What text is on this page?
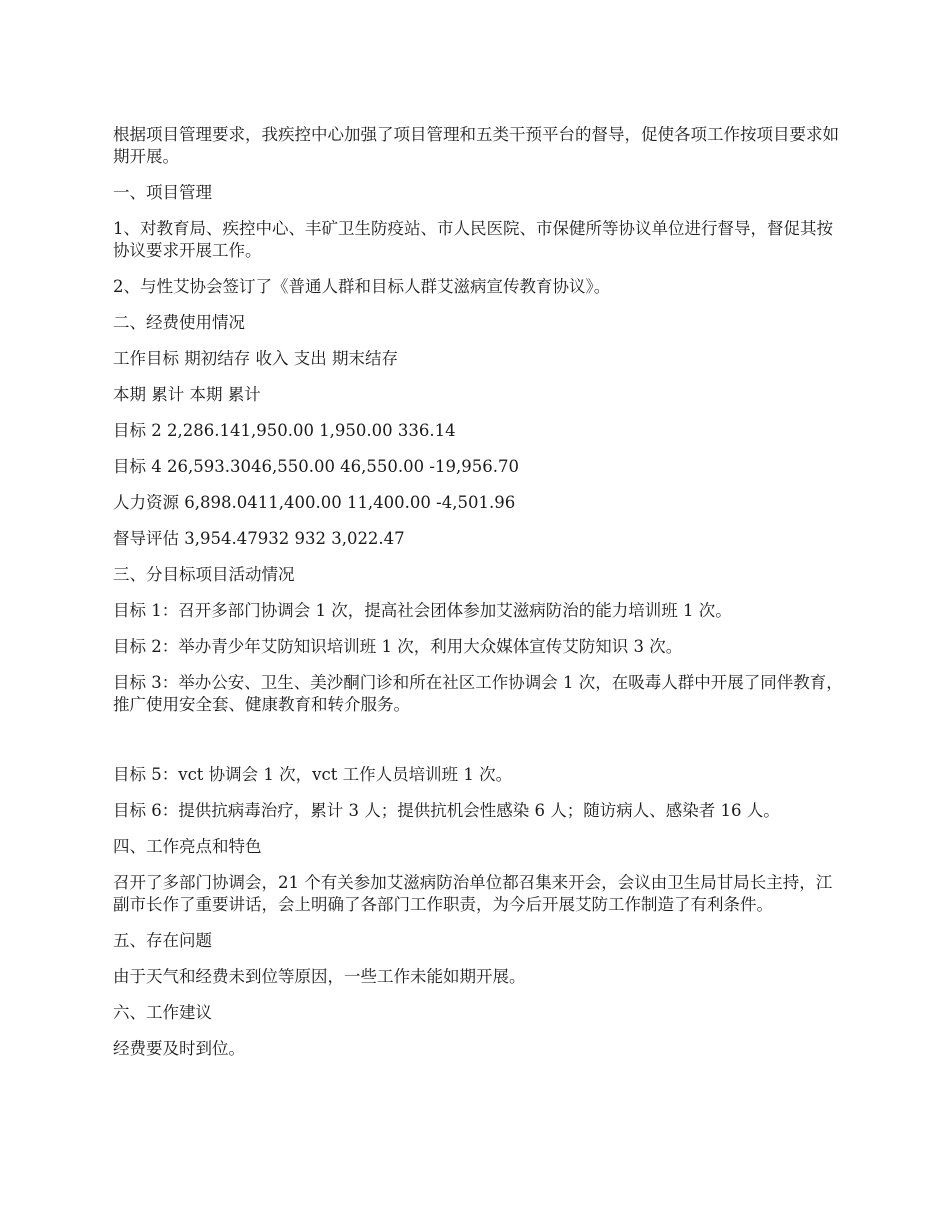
根据项目管理要求，我疾控中心加强了项目管理和五类干预平台的督导，促使各项工作按项目要求如期开展。

一、项目管理

1、对教育局、疾控中心、丰矿卫生防疫站、市人民医院、市保健所等协议单位进行督导，督促其按协议要求开展工作。

2、与性艾协会签订了《普通人群和目标人群艾滋病宣传教育协议》。

二、经费使用情况

工作目标 期初结存 收入 支出 期末结存

本期 累计 本期 累计

目标 2 2,286.141,950.00 1,950.00 336.14

目标 4 26,593.3046,550.00 46,550.00 -19,956.70

人力资源 6,898.0411,400.00 11,400.00 -4,501.96

督导评估 3,954.47932 932 3,022.47

三、分目标项目活动情况

目标 1：召开多部门协调会 1 次，提高社会团体参加艾滋病防治的能力培训班 1 次。

目标 2：举办青少年艾防知识培训班 1 次，利用大众媒体宣传艾防知识 3 次。

目标 3：举办公安、卫生、美沙酮门诊和所在社区工作协调会 1 次，在吸毒人群中开展了同伴教育，推广使用安全套、健康教育和转介服务。

目标 5：vct 协调会 1 次，vct 工作人员培训班 1 次。

目标 6：提供抗病毒治疗，累计 3 人；提供抗机会性感染 6 人；随访病人、感染者 16 人。

四、工作亮点和特色

召开了多部门协调会，21 个有关参加艾滋病防治单位都召集来开会，会议由卫生局甘局长主持，江副市长作了重要讲话，会上明确了各部门工作职责，为今后开展艾防工作制造了有利条件。

五、存在问题

由于天气和经费未到位等原因，一些工作未能如期开展。

六、工作建议

经费要及时到位。
